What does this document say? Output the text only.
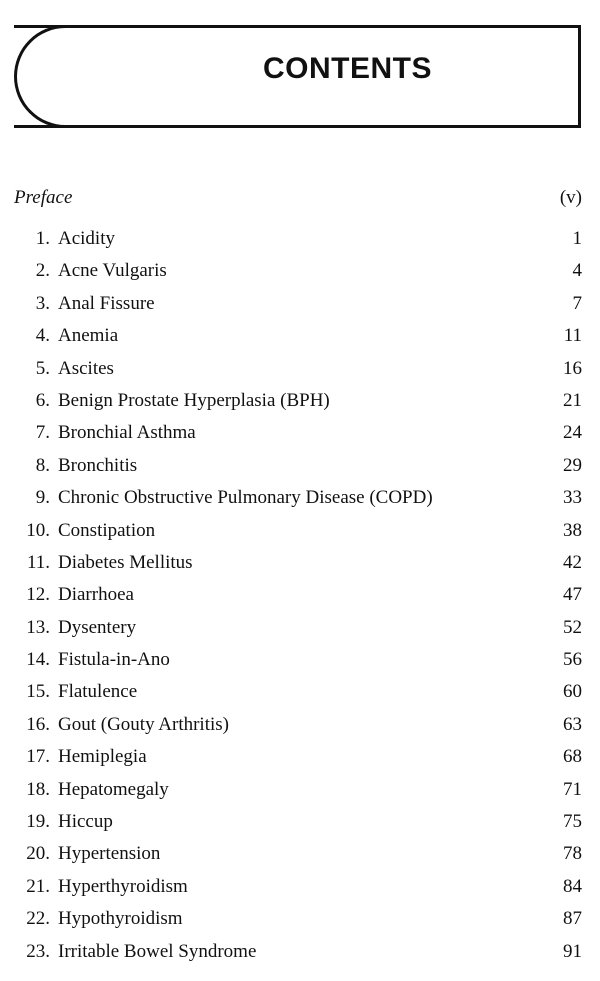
CONTENTS
Preface	(v)
1. Acidity	1
2. Acne Vulgaris	4
3. Anal Fissure	7
4. Anemia	11
5. Ascites	16
6. Benign Prostate Hyperplasia (BPH)	21
7. Bronchial Asthma	24
8. Bronchitis	29
9. Chronic Obstructive Pulmonary Disease (COPD)	33
10. Constipation	38
11. Diabetes Mellitus	42
12. Diarrhoea	47
13. Dysentery	52
14. Fistula-in-Ano	56
15. Flatulence	60
16. Gout (Gouty Arthritis)	63
17. Hemiplegia	68
18. Hepatomegaly	71
19. Hiccup	75
20. Hypertension	78
21. Hyperthyroidism	84
22. Hypothyroidism	87
23. Irritable Bowel Syndrome	91
